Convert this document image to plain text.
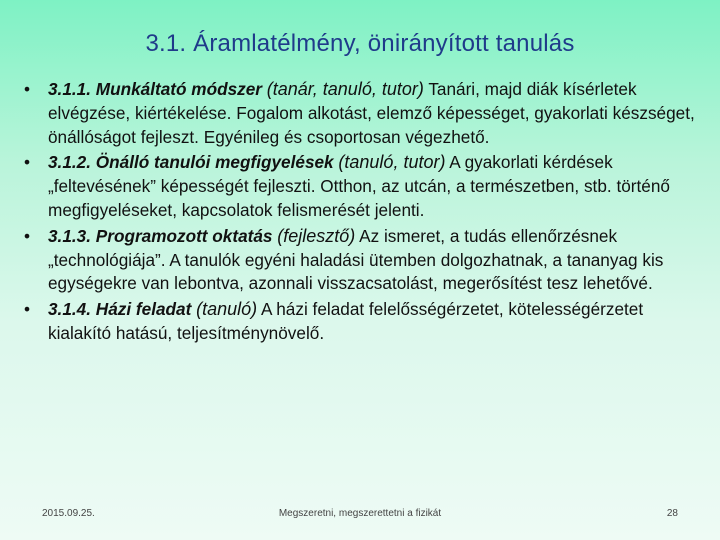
3.1. Áramlatélmény, önirányított tanulás
•	3.1.1. Munkáltató módszer (tanár, tanuló, tutor) Tanári, majd diák kísérletek elvégzése, kiértékelése. Fogalom alkotást, elemző képességet, gyakorlati készséget, önállóságot fejleszt. Egyénileg és csoportosan végezhető.
•	3.1.2. Önálló tanulói megfigyelések (tanuló, tutor) A gyakorlati kérdések „feltevésének” képességét fejleszti. Otthon, az utcán, a természetben, stb. történő megfigyeléseket, kapcsolatok felismerését jelenti.
•	3.1.3. Programozott oktatás (fejlesztő) Az ismeret, a tudás ellenőrzésnek „technológiája”. A tanulók egyéni haladási ütemben dolgozhatnak, a tananyag kis egységekre van lebontva, azonnali visszacsatolást, megerősítést tesz lehetővé.
•	3.1.4. Házi feladat (tanuló) A házi feladat felelősségérzetet, kötelességérzetet kialakító hatású, teljesítménynövelő.
2015.09.25.	Megszeretni, megszerettetni a fizikát	28
